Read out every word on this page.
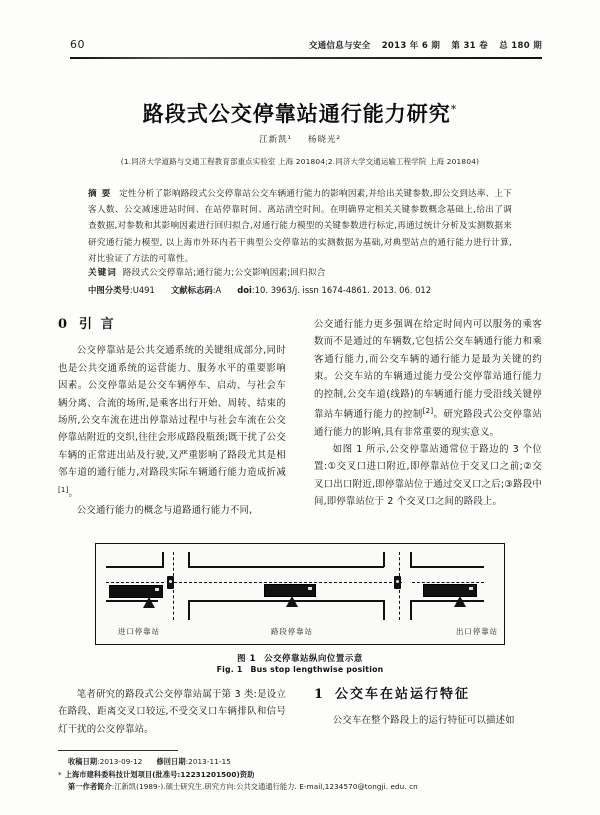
60	交通信息与安全 2013 年 6 期 第 31 卷 总 180 期
路段式公交停靠站通行能力研究*
江新凯¹ 杨晓光²
(1.同济大学道路与交通工程教育部重点实验室 上海 201804;2.同济大学交通运输工程学院 上海 201804)
摘要 定性分析了影响路段式公交停靠站公交车辆通行能力的影响因素,并给出关键参数,即公交到达率、上下客人数、公交减速进站时间、在站停靠时间、离站清空时间。在明确界定相关关键参数概念基础上,给出了调查数据,对参数和其影响因素进行回归拟合,对通行能力模型的关键参数进行标定,再通过统计分析及实测数据来研究通行能力模型, 以上海市外环内若干典型公交停靠站的实测数据为基础,对典型站点的通行能力进行计算,对比验证了方法的可靠性。
关键词 路段式公交停靠站;通行能力;公交影响因素;回归拟合
中图分类号:U491 文献标志码:A doi:10. 3963/j. issn 1674-4861. 2013. 06. 012
0 引 言

公交停靠站是公共交通系统的关键组成部分,同时也是公共交通系统的运营能力、服务水平的重要影响因素。公交停靠站是公交车辆停车、启动、与社会车辆分离、合流的场所,是乘客出行开始、周转、结束的场所,公交车流在进出停靠站过程中与社会车流在公交停靠站附近的交织,往往会形成路段瓶颈;既干扰了公交车辆的正常进出站及行驶,又严重影响了路段尤其是相邻车道的通行能力,对路段实际车辆通行能力造成折减[1]。

公交通行能力的概念与道路通行能力不同,

公交通行能力更多强调在给定时间内可以服务的乘客数而不是通过的车辆数,它包括公交车辆通行能力和乘客通行能力,而公交车辆的通行能力是最为关键的约束。公交车站的车辆通过能力受公交停靠站通行能力的控制,公交车道(线路)的车辆通行能力受沿线关键停靠站车辆通行能力的控制[2]。研究路段式公交停靠站通行能力的影响,具有非常重要的现实意义。

如图 1 所示,公交停靠站通常位于路边的 3 个位置:①交叉口进口附近,即停靠站位于交叉口之前;②交叉口出口附近,即停靠站位于通过交叉口之后;③路段中间,即停靠站位于 2 个交叉口之间的路段上。

进口停靠站	路段停靠站	出口停靠站
图 1 公交停靠站纵向位置示意
Fig. 1 Bus stop lengthwise position

笔者研究的路段式公交停靠站属于第 3 类:是设立在路段、距离交叉口较远,不受交叉口车辆排队和信号灯干扰的公交停靠站。

1 公交车在站运行特征

公交车在整个路段上的运行特征可以描述如

收稿日期:2013-09-12 修回日期:2013-11-15
* 上海市建科委科技计划项目(批准号:12231201500)资助
第一作者简介:江新凯(1989-).硕士研究生.研究方向:公共交通通行能力. E-mail,1234570@tongji. edu. cn
